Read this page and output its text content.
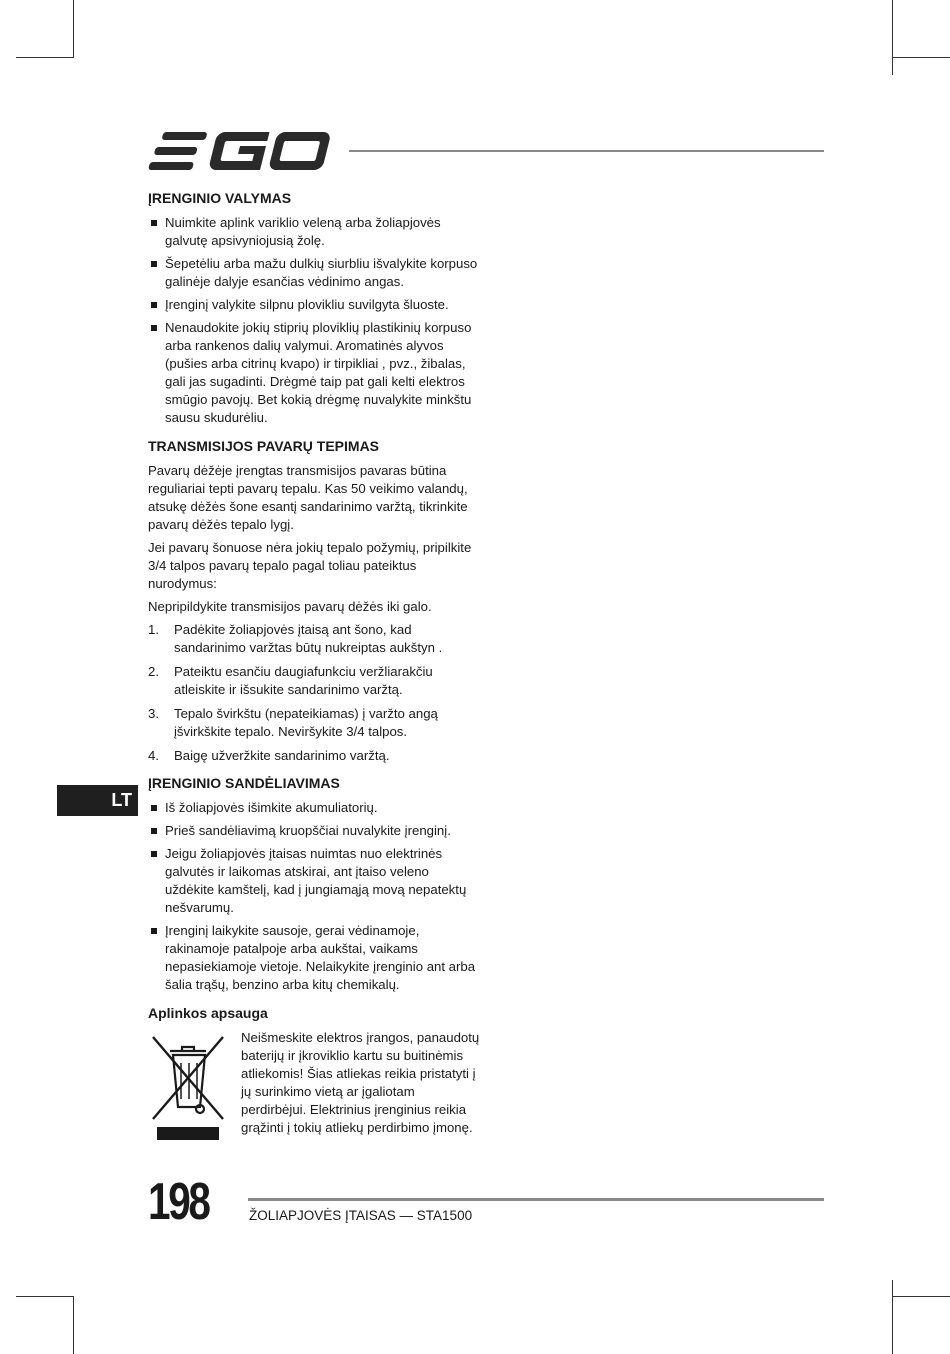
EGO
ĮRENGINIO VALYMAS
Nuimkite aplink variklio veleną arba žoliapjovės galvutę apsivyniojusią žolę.
Šepetėliu arba mažu dulkių siurbliu išvalykite korpuso galinėje dalyje esančias vėdinimo angas.
Įrenginį valykite silpnu plovikliu suvilgyta šluoste.
Nenaudokite jokių stiprių ploviklių plastikinių korpuso arba rankenos dalių valymui. Aromatinės alyvos (pušies arba citrinų kvapo) ir tirpikliai , pvz., žibalas, gali jas sugadinti. Drėgmė taip pat gali kelti elektros smūgio pavojų. Bet kokią drėgmę nuvalykite minkštu sausu skudurėliu.
TRANSMISIJOS PAVARŲ TEPIMAS

Pavarų dėžėje įrengtas transmisijos pavaras būtina reguliariai tepti pavarų tepalu. Kas 50 veikimo valandų, atsukę dėžės šone esantį sandarinimo varžtą, tikrinkite pavarų dėžės tepalo lygį.

Jei pavarų šonuose nėra jokių tepalo požymių, pripilkite 3/4 talpos pavarų tepalo pagal toliau pateiktus nurodymus:

Nepripildykite transmisijos pavarų dėžės iki galo.

1. Padėkite žoliapjovės įtaisą ant šono, kad sandarinimo varžtas būtų nukreiptas aukštyn .
2. Pateiktu esančiu daugiafunkciu veržliarakčiu atleiskite ir išsukite sandarinimo varžtą.
3. Tepalo švirkštu (nepateikiamas) į varžto angą įšvirkškite tepalo. Neviršykite 3/4 talpos.
4. Baigę užveržkite sandarinimo varžtą.
ĮRENGINIO SANDĖLIAVIMAS
Iš žoliapjovės išimkite akumuliatorių.
Prieš sandėliavimą kruopščiai nuvalykite įrenginį.
Jeigu žoliapjovės įtaisas nuimtas nuo elektrinės galvutės ir laikomas atskirai, ant įtaiso veleno uždėkite kamštelį, kad į jungiamąją movą nepatektų nešvarumų.
Įrenginį laikykite sausoje, gerai vėdinamoje, rakinamoje patalpoje arba aukštai, vaikams nepasiekiamoje vietoje. Nelaikykite įrenginio ant arba šalia trąšų, benzino arba kitų chemikalų.
Aplinkos apsauga
Neišmeskite elektros įrangos, panaudotų baterijų ir įkroviklio kartu su buitinėmis atliekomis! Šias atliekas reikia pristatyti į jų surinkimo vietą ar įgaliotam perdirbėjui. Elektrinius įrenginius reikia grąžinti į tokių atliekų perdirbimo įmonę.
LT
198	ŽOLIAPJOVĖS ĮTAISAS — STA1500
